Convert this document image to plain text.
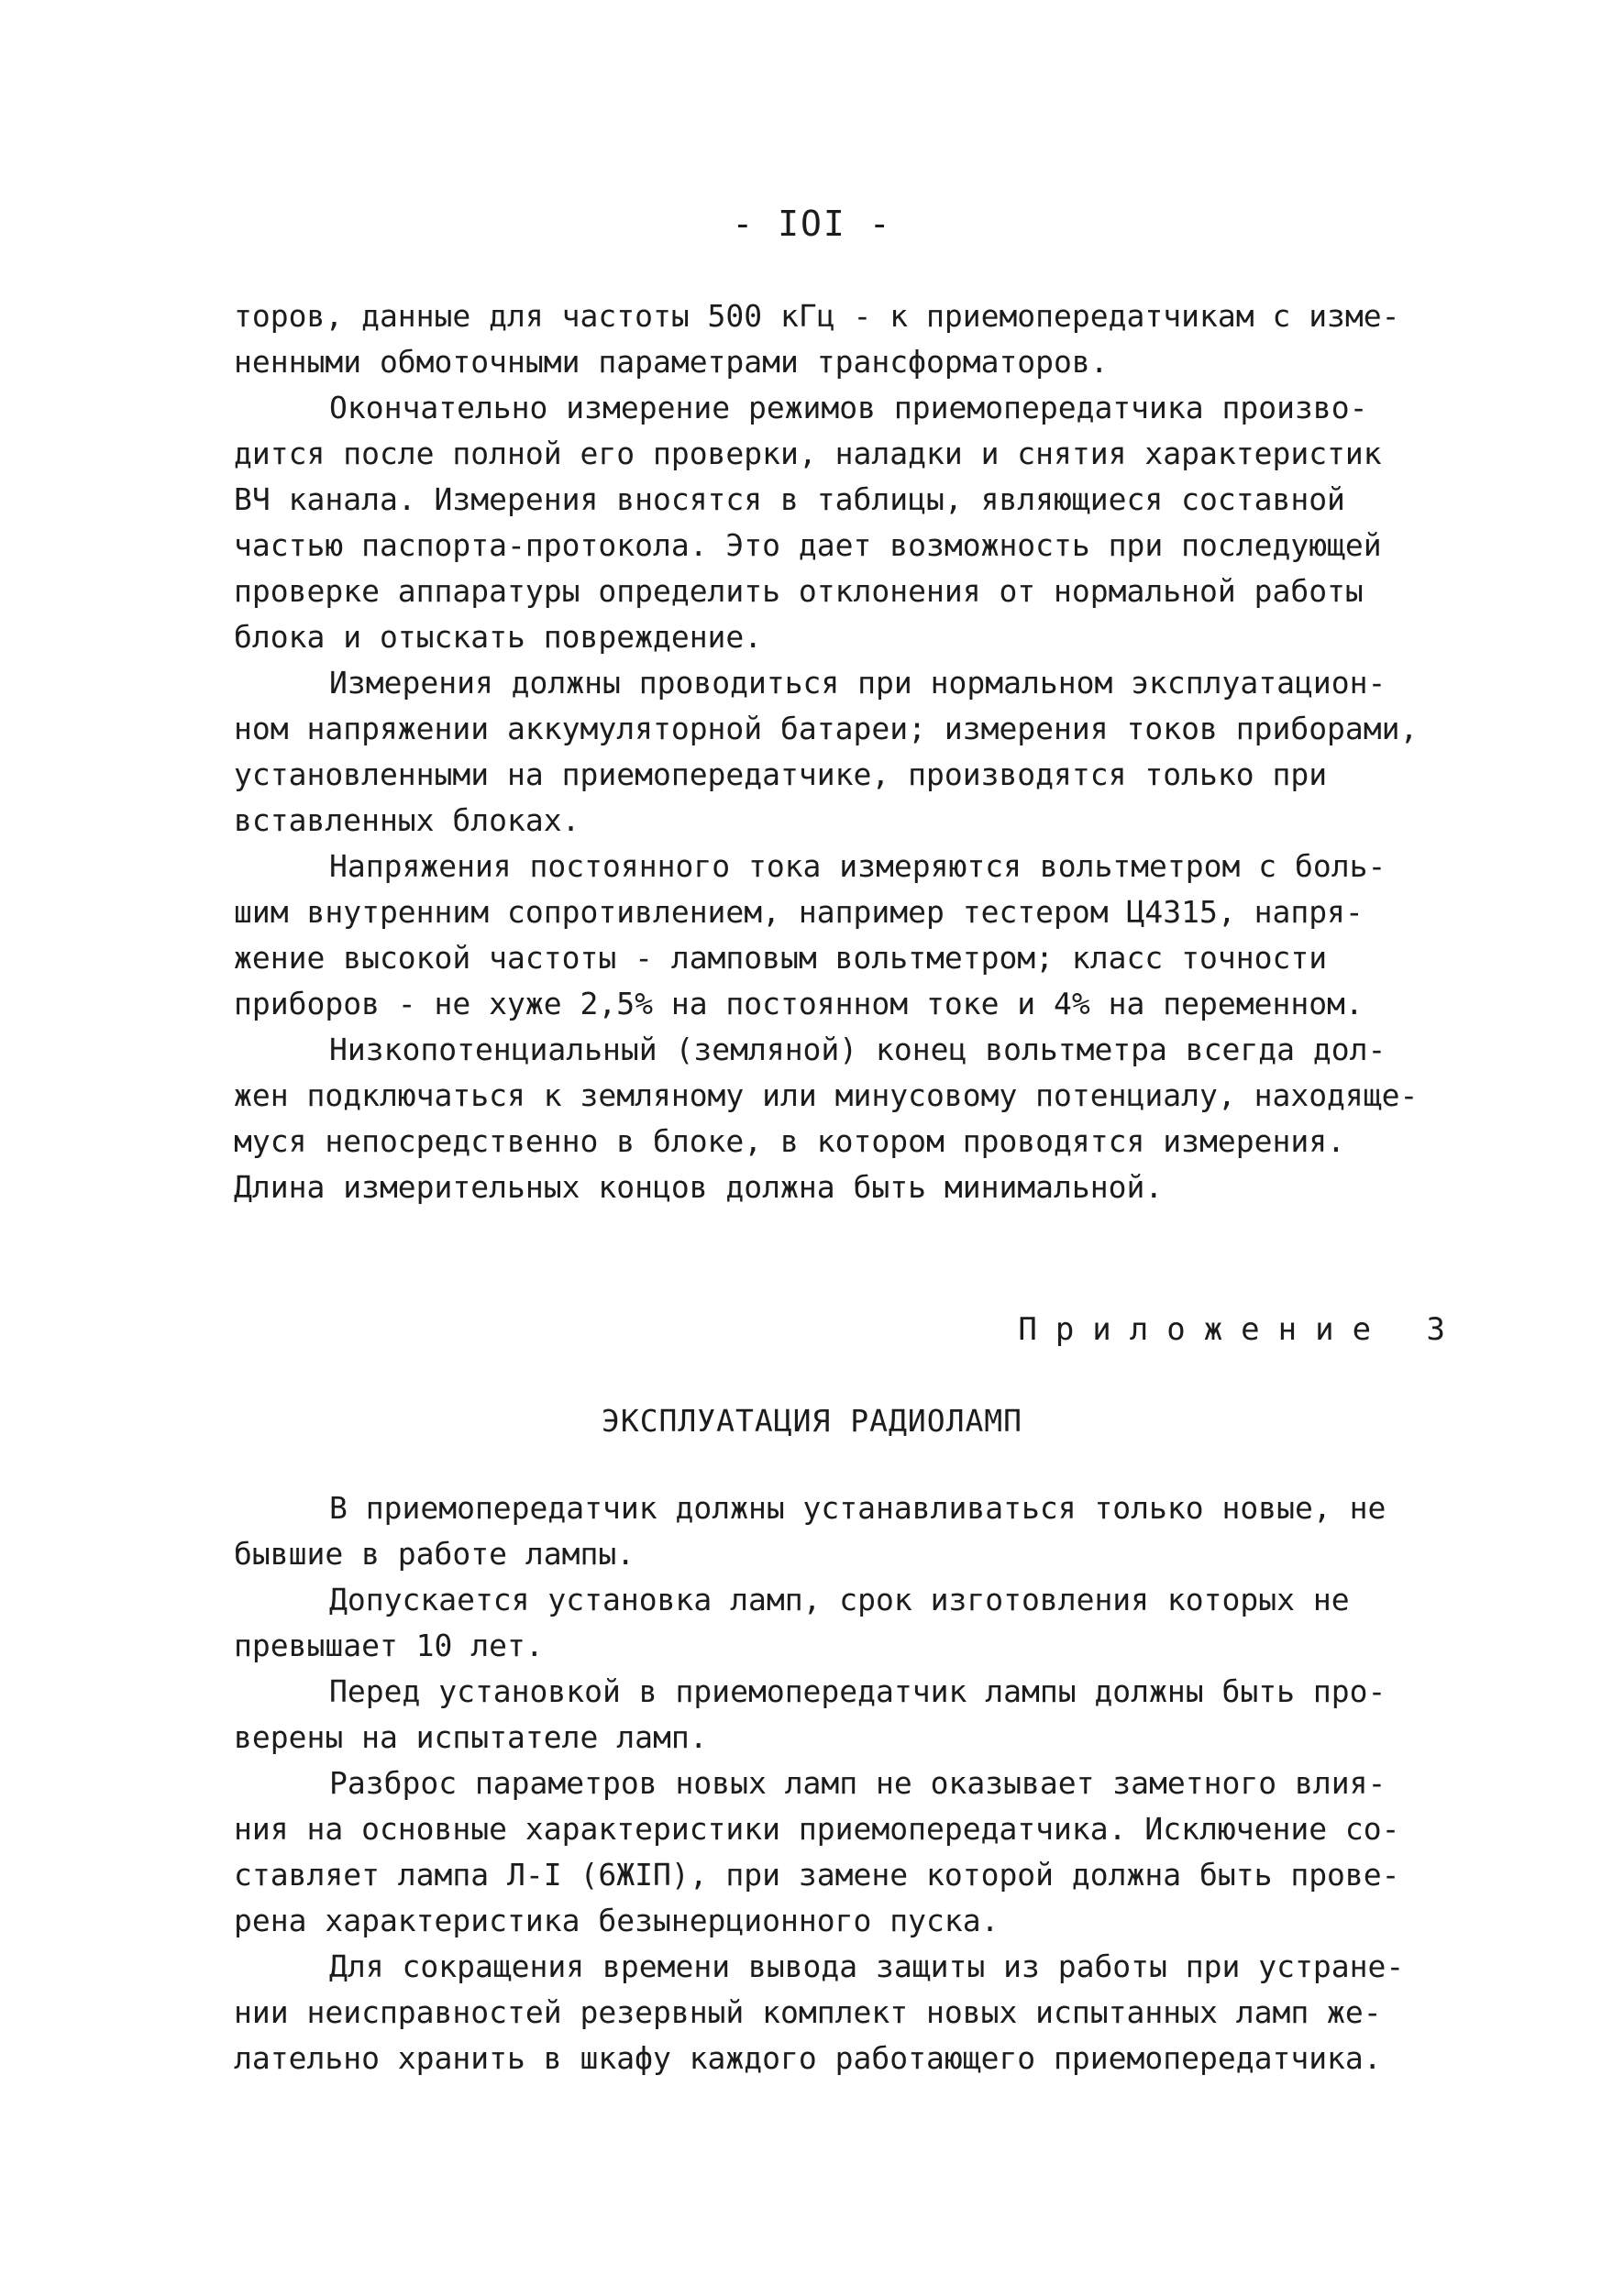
- IOI -
торов, данные для частоты 500 кГц - к приемопередатчикам с изме-
ненными обмоточными параметрами трансформаторов.
Окончательно измерение режимов приемопередатчика произво-
дится после полной его проверки, наладки и снятия характеристик
ВЧ канала. Измерения вносятся в таблицы, являющиеся составной
частью паспорта-протокола. Это дает возможность при последующей
проверке аппаратуры определить отклонения от нормальной работы
блока и отыскать повреждение.
Измерения должны проводиться при нормальном эксплуатацион-
ном напряжении аккумуляторной батареи; измерения токов приборами,
установленными на приемопередатчике, производятся только при
вставленных блоках.
Напряжения постоянного тока измеряются вольтметром с боль-
шим внутренним сопротивлением, например тестером Ц4315, напря-
жение высокой частоты - ламповым вольтметром; класс точности
приборов - не хуже 2,5% на постоянном токе и 4% на переменном.
Низкопотенциальный (земляной) конец вольтметра всегда дол-
жен подключаться к земляному или минусовому потенциалу, находяще-
муся непосредственно в блоке, в котором проводятся измерения.
Длина измерительных концов должна быть минимальной.
Приложение 3
ЭКСПЛУАТАЦИЯ РАДИОЛАМП
В приемопередатчик должны устанавливаться только новые, не
бывшие в работе лампы.
Допускается установка ламп, срок изготовления которых не
превышает 10 лет.
Перед установкой в приемопередатчик лампы должны быть про-
верены на испытателе ламп.
Разброс параметров новых ламп не оказывает заметного влия-
ния на основные характеристики приемопередатчика. Исключение со-
ставляет лампа Л-I (6ЖIП), при замене которой должна быть прове-
рена характеристика безынерционного пуска.
Для сокращения времени вывода защиты из работы при устране-
нии неисправностей резервный комплект новых испытанных ламп же-
лательно хранить в шкафу каждого работающего приемопередатчика.
